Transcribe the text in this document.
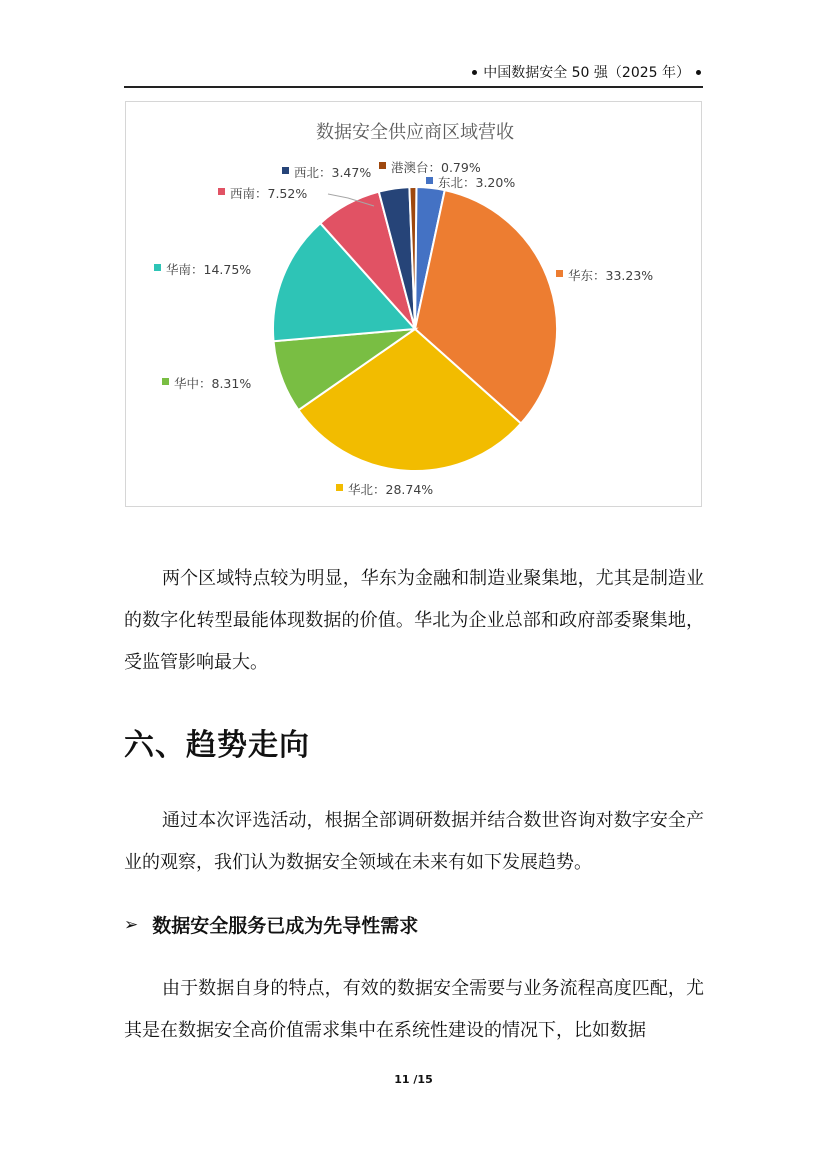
中国数据安全 50 强（2025 年）
数据安全供应商区域营收
东北：3.20%
华东：33.23%
华北：28.74%
华中：8.31%
华南：14.75%
西南：7.52%
西北：3.47% 港澳台：0.79%

两个区域特点较为明显，华东为金融和制造业聚集地，尤其是制造业的数字化转型最能体现数据的价值。华北为企业总部和政府部委聚集地，受监管影响最大。

六、趋势走向

通过本次评选活动，根据全部调研数据并结合数世咨询对数字安全产业的观察，我们认为数据安全领域在未来有如下发展趋势。

➢ 数据安全服务已成为先导性需求

由于数据自身的特点，有效的数据安全需要与业务流程高度匹配，尤其是在数据安全高价值需求集中在系统性建设的情况下，比如数据

11 /15
